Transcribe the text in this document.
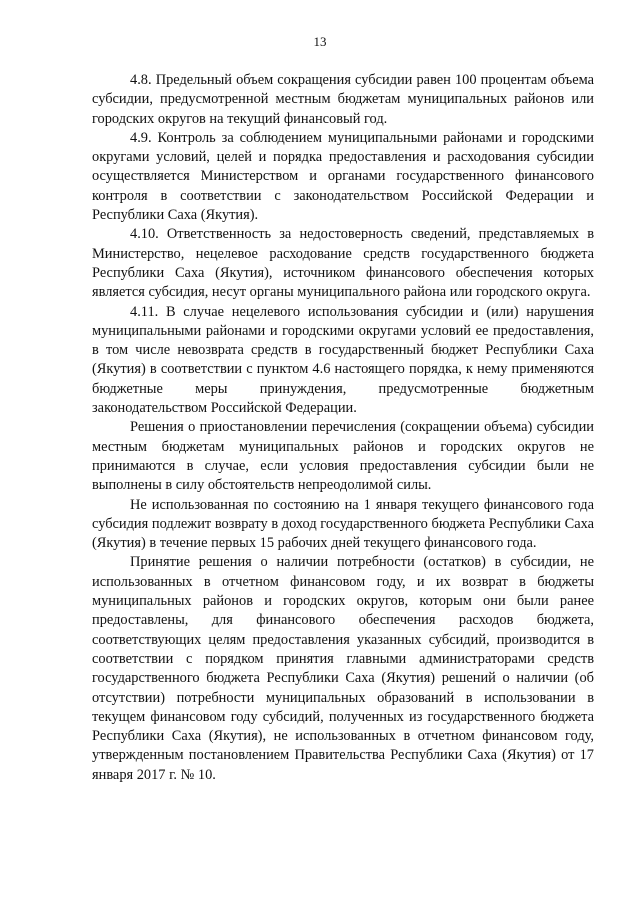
13

4.8. Предельный объем сокращения субсидии равен 100 процентам объема субсидии, предусмотренной местным бюджетам муниципальных районов или городских округов на текущий финансовый год.

4.9. Контроль за соблюдением муниципальными районами и городскими округами условий, целей и порядка предоставления и расходования субсидии осуществляется Министерством и органами государственного финансового контроля в соответствии с законодательством Российской Федерации и Республики Саха (Якутия).

4.10. Ответственность за недостоверность сведений, представляемых в Министерство, нецелевое расходование средств государственного бюджета Республики Саха (Якутия), источником финансового обеспечения которых является субсидия, несут органы муниципального района или городского округа.

4.11. В случае нецелевого использования субсидии и (или) нарушения муниципальными районами и городскими округами условий ее предоставления, в том числе невозврата средств в государственный бюджет Республики Саха (Якутия) в соответствии с пунктом 4.6 настоящего порядка, к нему применяются бюджетные меры принуждения, предусмотренные бюджетным законодательством Российской Федерации.

Решения о приостановлении перечисления (сокращении объема) субсидии местным бюджетам муниципальных районов и городских округов не принимаются в случае, если условия предоставления субсидии были не выполнены в силу обстоятельств непреодолимой силы.

Не использованная по состоянию на 1 января текущего финансового года субсидия подлежит возврату в доход государственного бюджета Республики Саха (Якутия) в течение первых 15 рабочих дней текущего финансового года.

Принятие решения о наличии потребности (остатков) в субсидии, не использованных в отчетном финансовом году, и их возврат в бюджеты муниципальных районов и городских округов, которым они были ранее предоставлены, для финансового обеспечения расходов бюджета, соответствующих целям предоставления указанных субсидий, производится в соответствии с порядком принятия главными администраторами средств государственного бюджета Республики Саха (Якутия) решений о наличии (об отсутствии) потребности муниципальных образований в использовании в текущем финансовом году субсидий, полученных из государственного бюджета Республики Саха (Якутия), не использованных в отчетном финансовом году, утвержденным постановлением Правительства Республики Саха (Якутия) от 17 января 2017 г. № 10.
